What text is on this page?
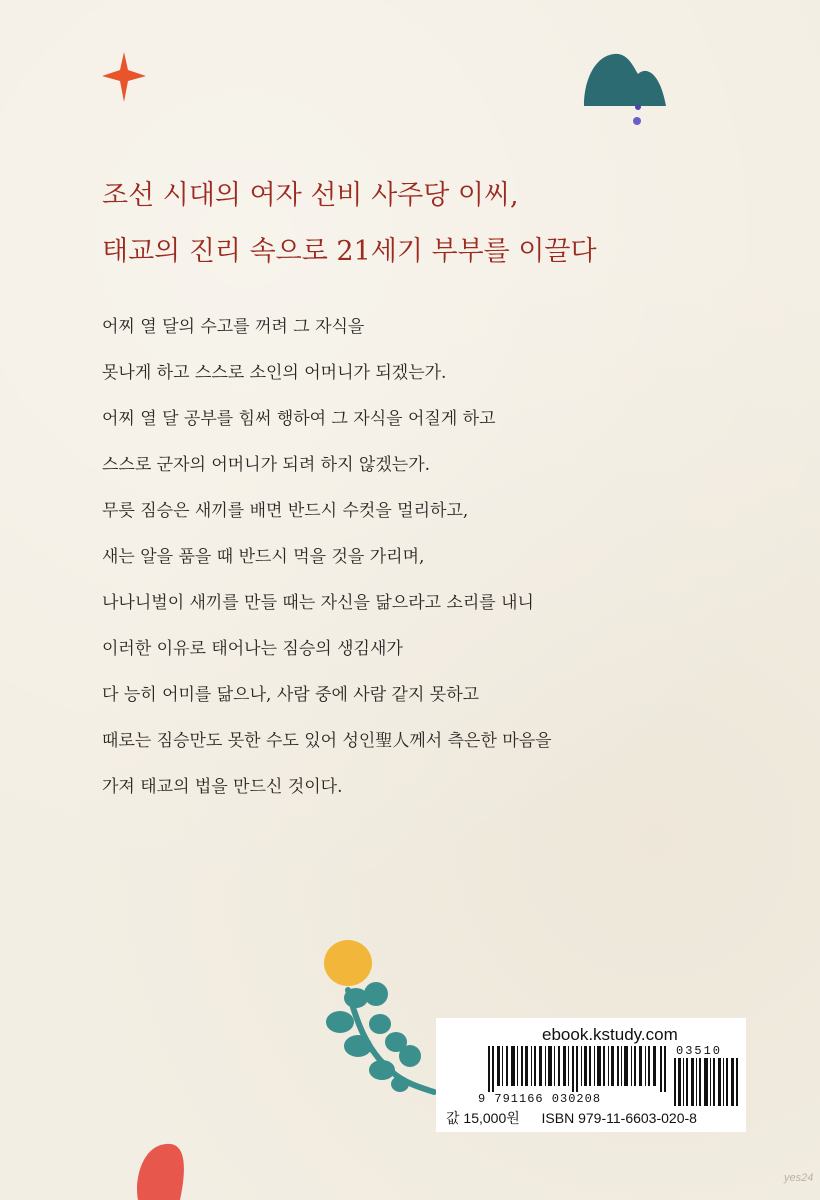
조선 시대의 여자 선비 사주당 이씨,
태교의 진리 속으로 21세기 부부를 이끌다
어찌 열 달의 수고를 꺼려 그 자식을
못나게 하고 스스로 소인의 어머니가 되겠는가.
어찌 열 달 공부를 힘써 행하여 그 자식을 어질게 하고
스스로 군자의 어머니가 되려 하지 않겠는가.
무릇 짐승은 새끼를 배면 반드시 수컷을 멀리하고,
새는 알을 품을 때 반드시 먹을 것을 가리며,
나나니벌이 새끼를 만들 때는 자신을 닮으라고 소리를 내니
이러한 이유로 태어나는 짐승의 생김새가
다 능히 어미를 닮으나, 사람 중에 사람 같지 못하고
때로는 짐승만도 못한 수도 있어 성인聖人께서 측은한 마음을
가져 태교의 법을 만드신 것이다.
ebook.kstudy.com
9 791166 030208
03510
값 15,000원 ISBN 979-11-6603-020-8
yes24
